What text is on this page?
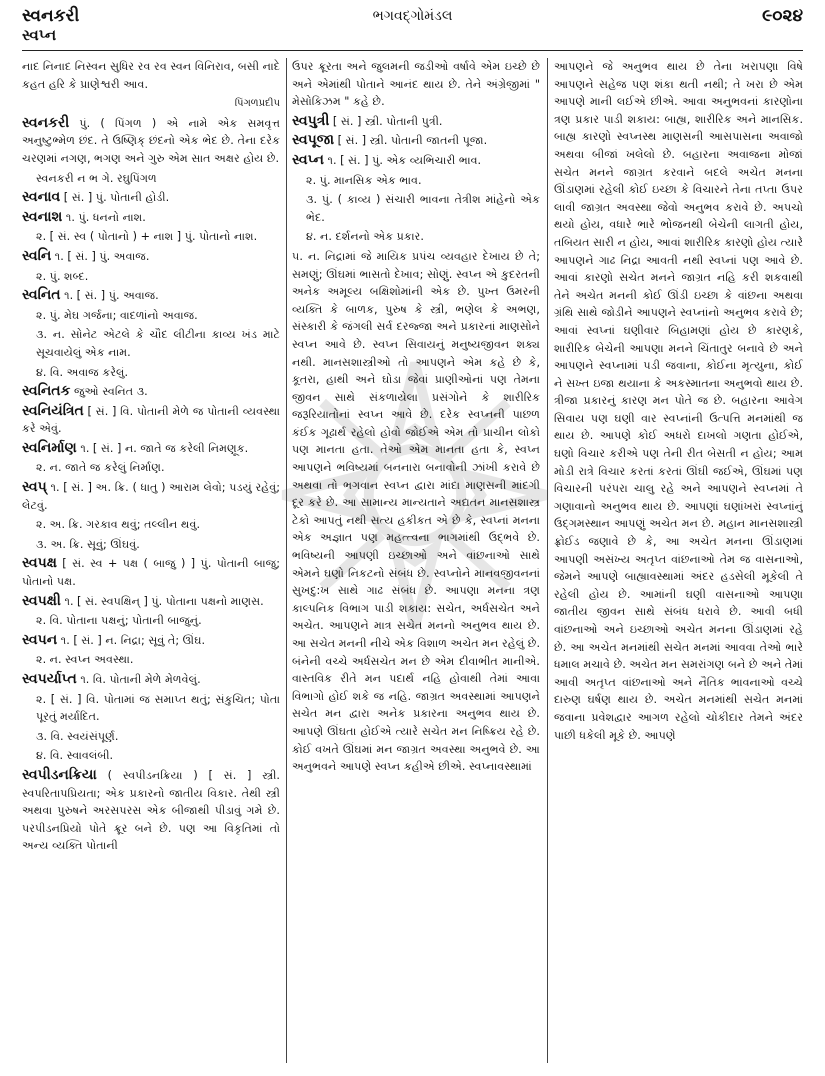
સ્વનકરી	ભગવદ્ગોમંડલ	૯૦૨૪
સ્વપ્ન
નાદ નિનાદ નિસ્વન સુધિર રવ રવ સ્વન વિનિરાવ, બસી નાદે કહત હરિ કે પ્રાણેશ્વરી આવ.
પિંગળપ્રદીપ
સ્વનકરી પું. ( પિંગળ ) એ નામે એક સમવૃત્ત અનુષ્ટુભ્મેળ છંદ. તે ઉષ્ણિક્ છંદનો એક ભેદ છે. તેના દરેક ચરણમાં નગણ, ભગણ અને ગુરુ એમ સાત અક્ષર હોય છે.
સ્વનકરી ન ભ ગે. રઘુપિંગળ
સ્વનાવ [ સં. ] પું. પોતાની હોડી.
સ્વનાશ ૧. પું. ધનનો નાશ.
૨. [ સં. સ્વ ( પોતાનો ) + નાશ ] પું. પોતાનો નાશ.
સ્વનિ ૧. [ સં. ] પું. અવાજ.
૨. પું. શબ્દ.
સ્વનિત ૧. [ સં. ] પું. અવાજ.
૨. પું. મેઘ ગર્જના; વાદળાંનો અવાજ.
૩. ન. સોનેટ એટલે કે ચૌદ લીટીના કાવ્ય ખંડ માટે સૂચવાયેલું એક નામ.
૪. વિ. અવાજ કરેલું.
સ્વનિતક જુઓ સ્વનિત ૩.
સ્વનિયંત્રિત [ સં. ] વિ. પોતાની મેળે જ પોતાની વ્યવસ્થા કરે એવું.
સ્વનિર્માણ ૧. [ સં. ] ન. જાતે જ કરેલી નિમણૂક.
૨. ન. જાતે જ કરેલું નિર્માણ.
સ્વપ્ ૧. [ સં. ] અ. ક્રિ. ( ધાતુ ) આરામ લેવો; પડયું રહેવું; લેટવું.
૨. અ. ક્રિ. ગરકાવ થવું; તલ્લીન થવું.
૩. અ. ક્રિ. સૂવું; ઊંઘવું.
સ્વપક્ષ [ સં. સ્વ + પક્ષ ( બાજુ ) ] પું. પોતાની બાજુ; પોતાનો પક્ષ.
સ્વપક્ષી ૧. [ સં. સ્વપક્ષિન્ ] પું. પોતાના પક્ષનો માણસ.
૨. વિ. પોતાના પક્ષનું; પોતાની બાજુનું.
સ્વપન ૧. [ સં. ] ન. નિદ્રા; સૂવું તે; ઊંઘ.
૨. ન. સ્વપ્ન અવસ્થા.
સ્વપર્યાપ્ત ૧. વિ. પોતાની મેળે મેળવેલું.
૨. [ સં. ] વિ. પોતામાં જ સમાપ્ત થતું; સંકુચિત; પોતા પૂરતું મર્યાદિત.
૩. વિ. સ્વયંસંપૂર્ણ.
૪. વિ. સ્વાવલંબી.
સ્વપીડનક્રિયા ( સ્વપીડનક્રિયા ) [ સં. ] સ્ત્રી. સ્વપરિતાપપ્રિયતા; એક પ્રકારનો જાતીય વિકાર. તેથી સ્ત્રી અથવા પુરુષને અરસપરસ એક બીજાથી પીડાવું ગમે છે. પરપીડનપ્રિયો પોતે ક્રૂર બને છે. પણ આ વિકૃતિમાં તો અન્ય વ્યક્તિ પોતાની
ઉપર ક્રૂરતા અને જુલમની જડીઓ વર્ષાવે એમ ઇચ્છે છે અને એમાંથી પોતાને આનંદ થાય છે. તેને અંગ્રેજીમાં " મેસોકિઝમ " કહે છે.
સ્વપુત્રી [ સં. ] સ્ત્રી. પોતાની પુત્રી.
સ્વપૂજા [ સં. ] સ્ત્રી. પોતાની જાતની પૂજા.
સ્વપ્ન ૧. [ સં. ] પું. એક વ્યભિચારી ભાવ.
૨. પું. માનસિક એક ભાવ.
૩. પું. ( કાવ્ય ) સંચારી ભાવના તેત્રીશ માંહેનો એક ભેદ.
૪. ન. દર્શનનો એક પ્રકાર.
૫. ન. નિદ્રામાં જે માયિક પ્રપંચ વ્યવહાર દેખાય છે તે; સમણું; ઊંઘમાં ભાસતો દેખાવ; સોણું. સ્વપ્ન એ કુદરતની અનેક અમૂલ્ય બક્ષિશોમાંની એક છે. પુખ્ત ઉમરની વ્યક્તિ કે બાળક, પુરુષ કે સ્ત્રી, ભણેલ કે અભણ, સંસ્કારી કે જંગલી સર્વ દરજ્જા અને પ્રકારનાં માણસોને સ્વપ્ન આવે છે. સ્વપ્ન સિવાયનું મનુષ્યજીવન શક્ય નથી. માનસશાસ્ત્રીઓ તો આપણને એમ કહે છે કે, કૂતરા, હાથી અને ઘોડા જેવાં પ્રાણીઓનાં પણ તેમના જીવન સાથે સંકળાયેલા પ્રસંગોને કે શારીરિક જરૂરિયાતોનાં સ્વપ્ન આવે છે. દરેક સ્વપ્નની પાછળ કંઈક ગૂઢાર્થ રહેલો હોવો જોઈએ એમ તો પ્રાચીન લોકો પણ માનતા હતા. તેઓ એમ માનતા હતા કે, સ્વપ્ન આપણને ભવિષ્યમાં બનનારા બનાવોની ઝાંખી કરાવે છે અથવા તો ભગવાન સ્વપ્ન દ્વારા માંદા માણસની માંદગી દૂર કરે છે. આ સામાન્ય માન્યતાને અદ્યતન માનસશાસ્ત્ર ટેકો આપતું નથી સત્ય હકીકત એ છે કે, સ્વપ્નાં મનના એક અજ્ઞાત પણ મહત્ત્વના ભાગમાંથી ઉદ્ભવે છે. ભવિષ્યની આપણી ઇચ્છાઓ અને વાંછનાઓ સાથે એમને ઘણો નિકટનો સંબંધ છે. સ્વપ્નોને માનવજીવનનાં સુખદુ:ખ સાથે ગાઢ સંબંધ છે. આપણા મનના ત્રણ કાલ્પનિક વિભાગ પાડી શકાય: સચેત, અર્ધસચેત અને અચેત. આપણને માત્ર સચેત મનનો અનુભવ થાય છે. આ સચેત મનની નીચે એક વિશાળ અચેત મન રહેલું છે. બંનેની વચ્ચે અર્ધસચેત મન છે એમ દીવાભીત માનીએ. વાસ્તવિક રીતે મન પદાર્થ નહિ હોવાથી તેમાં આવા વિભાગો હોઈ શકે જ નહિ. જાગ્રત અવસ્થામાં આપણને સચેત મન દ્વારા અનેક પ્રકારના અનુભવ થાય છે. આપણે ઊંઘતા હોઈએ ત્યારે સચેત મન નિષ્ક્રિય રહે છે. કોઈ વખતે ઊંઘમાં મન જાગ્રત અવસ્થા અનુભવે છે. આ અનુભવને આપણે સ્વપ્ન કહીએ છીએ. સ્વપ્નાવસ્થામાં
આપણને જે અનુભવ થાય છે તેના ખરાપણા વિષે આપણને સહેજ પણ શંકા થતી નથી; તે ખરા છે એમ આપણે માની લઈએ છીએ. આવા અનુભવનાં કારણોના ત્રણ પ્રકાર પાડી શકાય: બાહ્ય, શારીરિક અને માનસિક. બાહ્ય કારણો સ્વપ્નસ્થ માણસની આસપાસના અવાજો અથવા બીજાં ખલેલો છે. બહારના અવાજના મોજાં સચેત મનને જાગ્રત કરવાને બદલે અચેત મનના ઊંડાણમાં રહેલી કોઈ ઇચ્છા કે વિચારને તેના તપ્તા ઉપર લાવી જાગ્રત અવસ્થા જેવો અનુભવ કરાવે છે. અપચો થયો હોય, વધારે ભારે ભોજનથી બેચેની લાગતી હોય, તબિયત સારી ન હોય, આવાં શારીરિક કારણો હોય ત્યારે આપણને ગાઢ નિદ્રા આવતી નથી સ્વપ્નાં પણ આવે છે. આવાં કારણો સચેત મનને જાગ્રત નહિ કરી શકવાથી તેને અચેત મનની કોઈ ઊંડી ઇચ્છા કે વાંછના અથવા ગ્રંથિ સાથે જોડીને આપણને સ્વપ્નાંનો અનુભવ કરાવે છે; આવાં સ્વપ્નાં ઘણીવાર બિહામણાં હોય છે કારણકે, શારીરિક બેચેની આપણા મનને ચિંતાતુર બનાવે છે અને આપણને સ્વપ્નામાં પડી જવાના, કોઈના મૃત્યુના, કોઈ ને સખ્ત ઇજા થયાના કે અકસ્માતના અનુભવો થાય છે. ત્રીજા પ્રકારનું કારણ મન પોતે જ છે. બહારના આવેગ સિવાય પણ ઘણી વાર સ્વપ્નાંની ઉત્પત્તિ મનમાંથી જ થાય છે. આપણે કોઈ અધરો દાખલો ગણતા હોઈએ, ઘણો વિચાર કરીએ પણ તેની રીત બેસતી ન હોય; આમ મોડી રાત્રે વિચાર કરતાં કરતાં ઊંઘી જઈએ, ઊંઘમાં પણ વિચારની પરંપરા ચાલુ રહે અને આપણને સ્વપ્નમાં તે ગણાવાનો અનુભવ થાય છે. આપણાં ઘણાંખરાં સ્વપ્નાંનું ઉદ્ગમસ્થાન આપણું અચેત મન છે. મહાન માનસશાસ્ત્રી ફ્રોઈડ જણાવે છે કે, આ અચેત મનના ઊંડાણમાં આપણી અસંખ્ય અતૃપ્ત વાંછનાઓ તેમ જ વાસનાઓ, જેમને આપણે બાહ્યાવસ્થામાં અંદર હડસેલી મૂકેલી તે રહેલી હોય છે. આમાંની ઘણી વાસનાઓ આપણા જાતીય જીવન સાથે સંબંધ ધરાવે છે. આવી બધી વાંછનાઓ અને ઇચ્છાઓ અચેત મનના ઊંડાણમાં રહે છે. આ અચેત મનમાંથી સચેત મનમાં આવવા તેઓ ભારે ધમાલ મચાવે છે. અચેત મન સમરાંગણ બને છે અને તેમાં આવી અતૃપ્ત વાંછનાઓ અને નૈતિક ભાવનાઓ વચ્ચે દારુણ ઘર્ષણ થાય છે. અચેત મનમાંથી સચેત મનમાં જવાના પ્રવેશદ્વાર આગળ રહેલો ચોકીદાર તેમને અંદર પાછી ધકેલી મૂકે છે. આપણે
